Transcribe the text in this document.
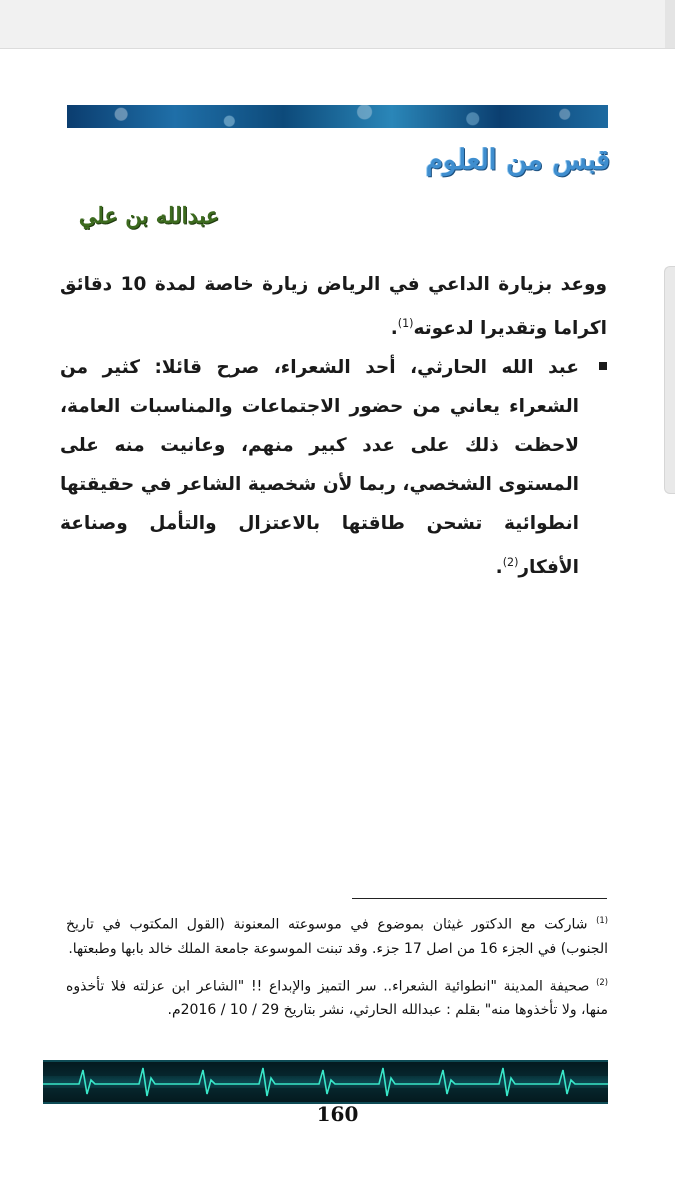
قبس من العلوم
عبدالله بن علي

ووعد بزيارة الداعي في الرياض زيارة خاصة لمدة 10 دقائق اكراما وتقديرا لدعوته$^{(1)}$.

عبد الله الحارثي، أحد الشعراء، صرح قائلا: كثير من الشعراء يعاني من حضور الاجتماعات والمناسبات العامة، لاحظت ذلك على عدد كبير منهم، وعانيت منه على المستوى الشخصي، ربما لأن شخصية الشاعر في حقيقتها انطوائية تشحن طاقتها بالاعتزال والتأمل وصناعة الأفكار$^{(2)}$.

$^{(1)}$ شاركت مع الدكتور غيثان بموضوع في موسوعته المعنونة (القول المكتوب في تاريخ الجنوب) في الجزء 16 من اصل 17 جزء. وقد تبنت الموسوعة جامعة الملك خالد بابها وطبعتها.

$^{(2)}$ صحيفة المدينة "انطوائية الشعراء.. سر التميز والإبداع !! "الشاعر ابن عزلته فلا تأخذوه منها، ولا تأخذوها منه" بقلم : عبدالله الحارثي، نشر بتاريخ 29 / 10 / 2016م.

160
